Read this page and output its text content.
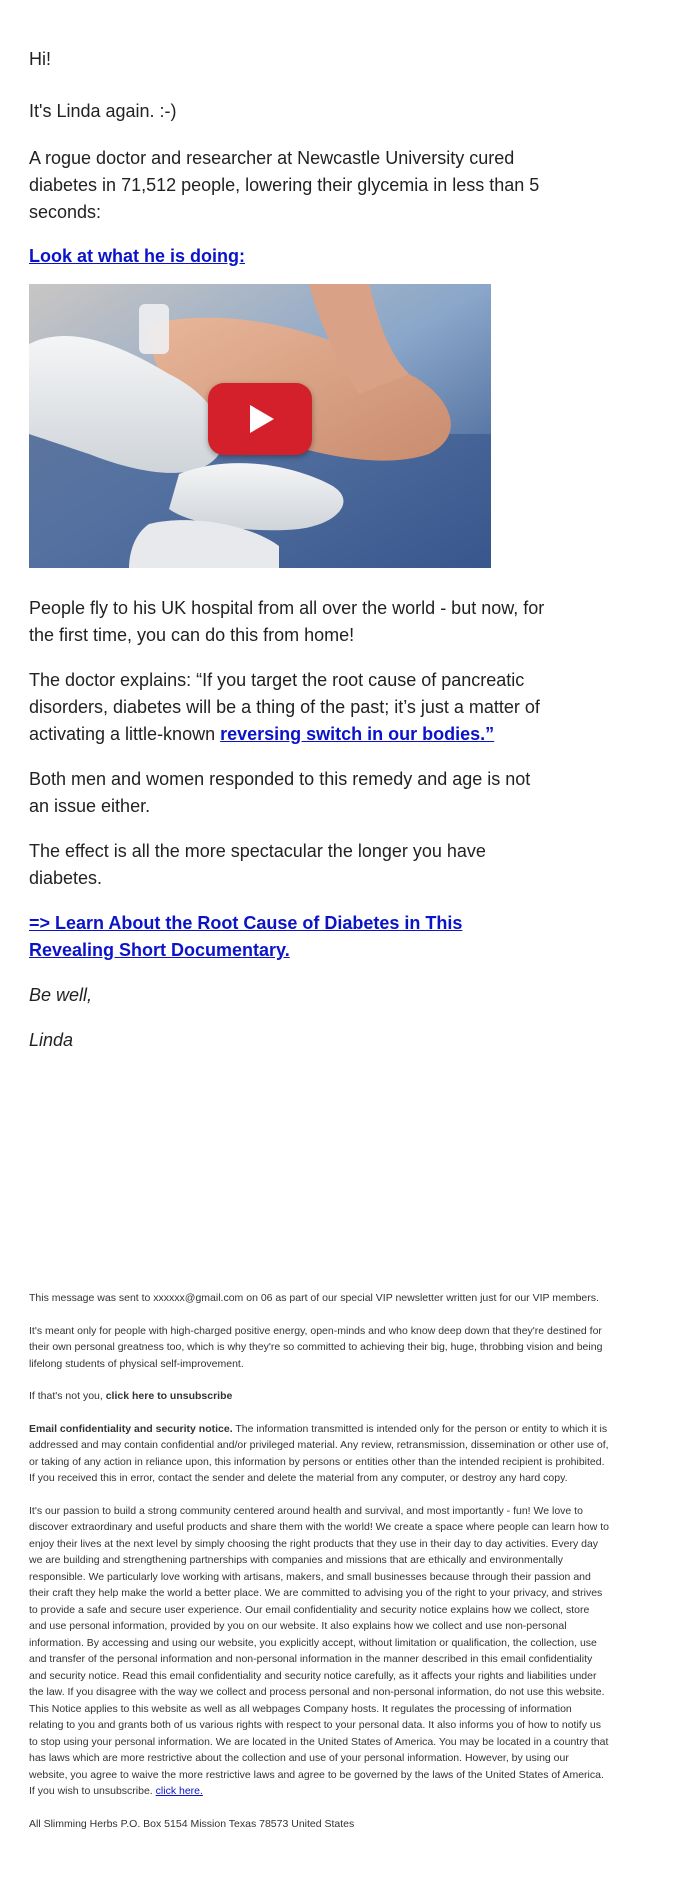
Hi!

It's Linda again. :-)

A rogue doctor and researcher at Newcastle University cured diabetes in 71,512 people, lowering their glycemia in less than 5 seconds:

Look at what he is doing:

People fly to his UK hospital from all over the world - but now, for the first time, you can do this from home!

The doctor explains: “If you target the root cause of pancreatic disorders, diabetes will be a thing of the past; it’s just a matter of activating a little-known reversing switch in our bodies.”

Both men and women responded to this remedy and age is not an issue either.

The effect is all the more spectacular the longer you have diabetes.

=> Learn About the Root Cause of Diabetes in This Revealing Short Documentary.

Be well,

Linda

This message was sent to xxxxxx@gmail.com on 06 as part of our special VIP newsletter written just for our VIP members.

It's meant only for people with high-charged positive energy, open-minds and who know deep down that they're destined for their own personal greatness too, which is why they're so committed to achieving their big, huge, throbbing vision and being lifelong students of physical self-improvement.

If that's not you, click here to unsubscribe

Email confidentiality and security notice. The information transmitted is intended only for the person or entity to which it is addressed and may contain confidential and/or privileged material. Any review, retransmission, dissemination or other use of, or taking of any action in reliance upon, this information by persons or entities other than the intended recipient is prohibited. If you received this in error, contact the sender and delete the material from any computer, or destroy any hard copy.

It's our passion to build a strong community centered around health and survival, and most importantly - fun! We love to discover extraordinary and useful products and share them with the world! We create a space where people can learn how to enjoy their lives at the next level by simply choosing the right products that they use in their day to day activities. Every day we are building and strengthening partnerships with companies and missions that are ethically and environmentally responsible. We particularly love working with artisans, makers, and small businesses because through their passion and their craft they help make the world a better place. We are committed to advising you of the right to your privacy, and strives to provide a safe and secure user experience. Our email confidentiality and security notice explains how we collect, store and use personal information, provided by you on our website. It also explains how we collect and use non-personal information. By accessing and using our website, you explicitly accept, without limitation or qualification, the collection, use and transfer of the personal information and non-personal information in the manner described in this email confidentiality and security notice. Read this email confidentiality and security notice carefully, as it affects your rights and liabilities under the law. If you disagree with the way we collect and process personal and non-personal information, do not use this website. This Notice applies to this website as well as all webpages Company hosts. It regulates the processing of information relating to you and grants both of us various rights with respect to your personal data. It also informs you of how to notify us to stop using your personal information. We are located in the United States of America. You may be located in a country that has laws which are more restrictive about the collection and use of your personal information. However, by using our website, you agree to waive the more restrictive laws and agree to be governed by the laws of the United States of America. If you wish to unsubscribe. click here.

All Slimming Herbs P.O. Box 5154 Mission Texas 78573 United States
